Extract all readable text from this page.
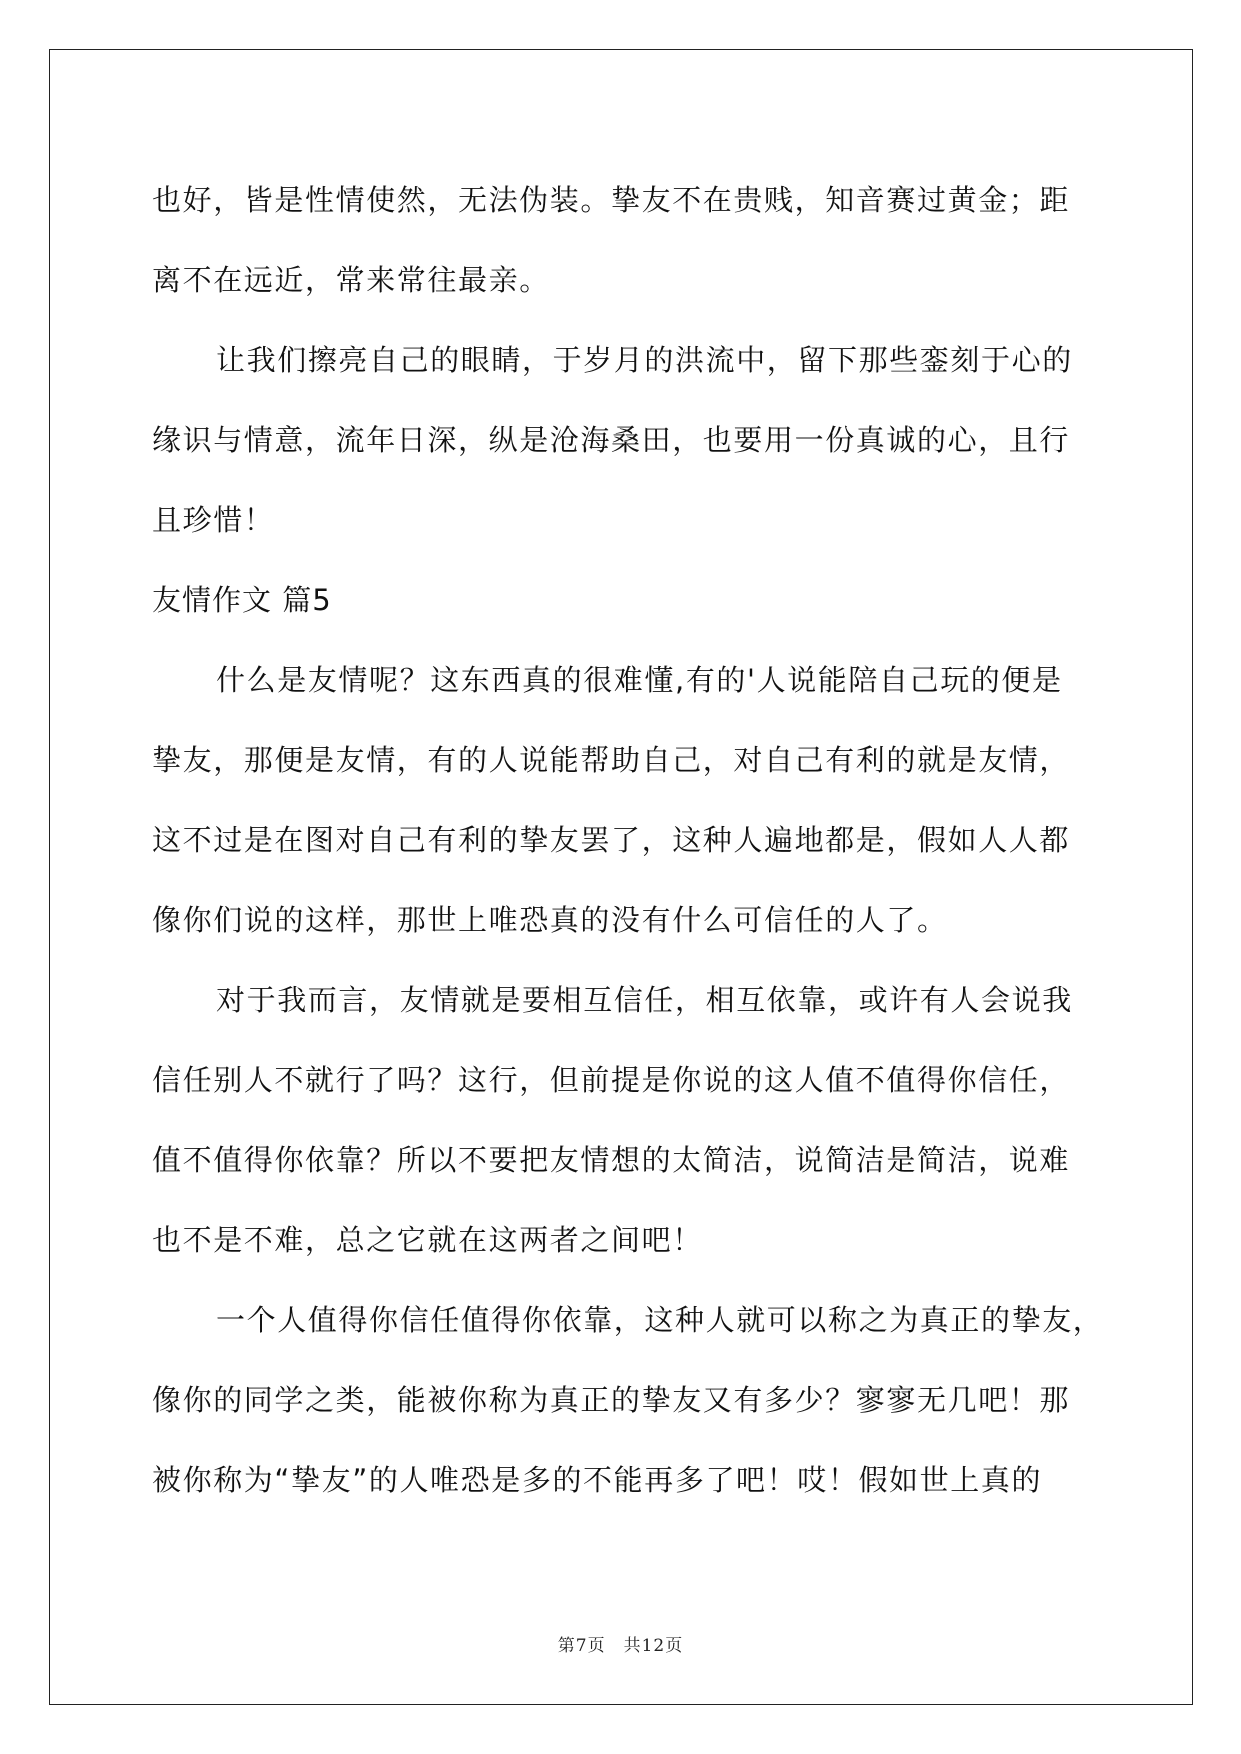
也好，皆是性情使然，无法伪装。挚友不在贵贱，知音赛过黄金；距

离不在远近，常来常往最亲。

让我们擦亮自己的眼睛，于岁月的洪流中，留下那些銮刻于心的

缘识与情意，流年日深，纵是沧海桑田，也要用一份真诚的心，且行

且珍惜！

友情作文 篇5

什么是友情呢？这东西真的很难懂,有的'人说能陪自己玩的便是

挚友，那便是友情，有的人说能帮助自己，对自己有利的就是友情，

这不过是在图对自己有利的挚友罢了，这种人遍地都是，假如人人都

像你们说的这样，那世上唯恐真的没有什么可信任的人了。

对于我而言，友情就是要相互信任，相互依靠，或许有人会说我

信任别人不就行了吗？这行，但前提是你说的这人值不值得你信任，

值不值得你依靠？所以不要把友情想的太简洁，说简洁是简洁，说难

也不是不难，总之它就在这两者之间吧！

一个人值得你信任值得你依靠，这种人就可以称之为真正的挚友，

像你的同学之类，能被你称为真正的挚友又有多少？寥寥无几吧！那

被你称为“挚友”的人唯恐是多的不能再多了吧！哎！假如世上真的

第7页　共12页
